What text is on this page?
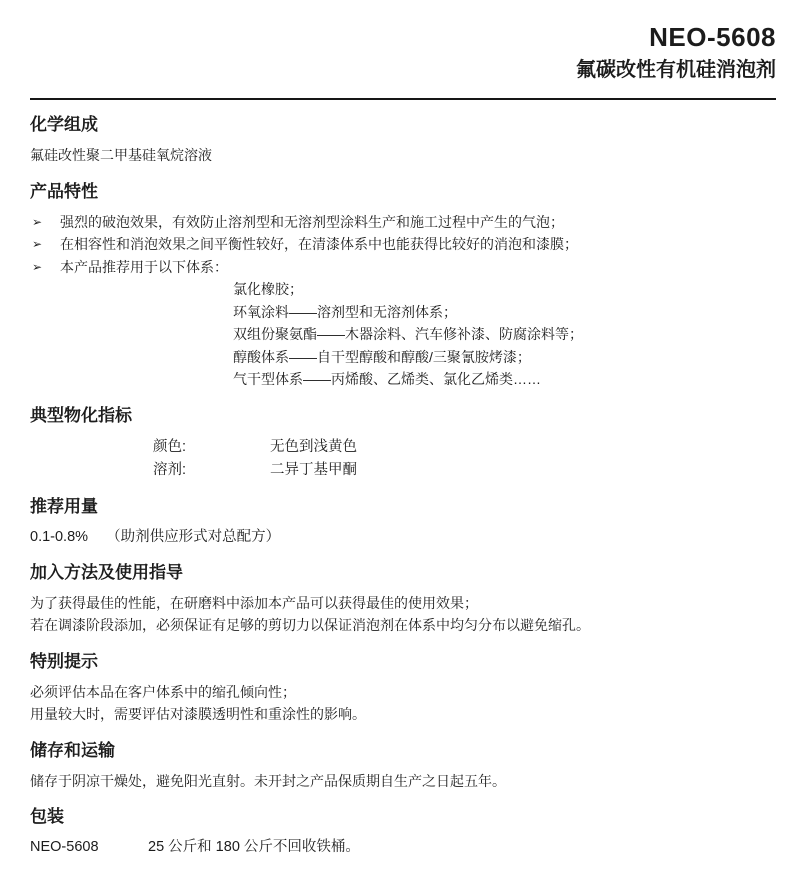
NEO-5608
氟碳改性有机硅消泡剂
化学组成

氟硅改性聚二甲基硅氧烷溶液

产品特性
➢	强烈的破泡效果，有效防止溶剂型和无溶剂型涂料生产和施工过程中产生的气泡；
➢	在相容性和消泡效果之间平衡性较好，在清漆体系中也能获得比较好的消泡和漆膜；
➢	本产品推荐用于以下体系：
氯化橡胶；
环氧涂料——溶剂型和无溶剂体系；
双组份聚氨酯——木器涂料、汽车修补漆、防腐涂料等；
醇酸体系——自干型醇酸和醇酸/三聚氰胺烤漆；
气干型体系——丙烯酸、乙烯类、氯化乙烯类……
典型物化指标
颜色:	无色到浅黄色
溶剂:	二异丁基甲酮
推荐用量

0.1-0.8% （助剂供应形式对总配方）

加入方法及使用指导

为了获得最佳的性能，在研磨料中添加本产品可以获得最佳的使用效果；

若在调漆阶段添加，必须保证有足够的剪切力以保证消泡剂在体系中均匀分布以避免缩孔。

特别提示

必须评估本品在客户体系中的缩孔倾向性；

用量较大时，需要评估对漆膜透明性和重涂性的影响。

储存和运输

储存于阴凉干燥处，避免阳光直射。未开封之产品保质期自生产之日起五年。

包装
NEO-5608	25 公斤和 180 公斤不回收铁桶。
